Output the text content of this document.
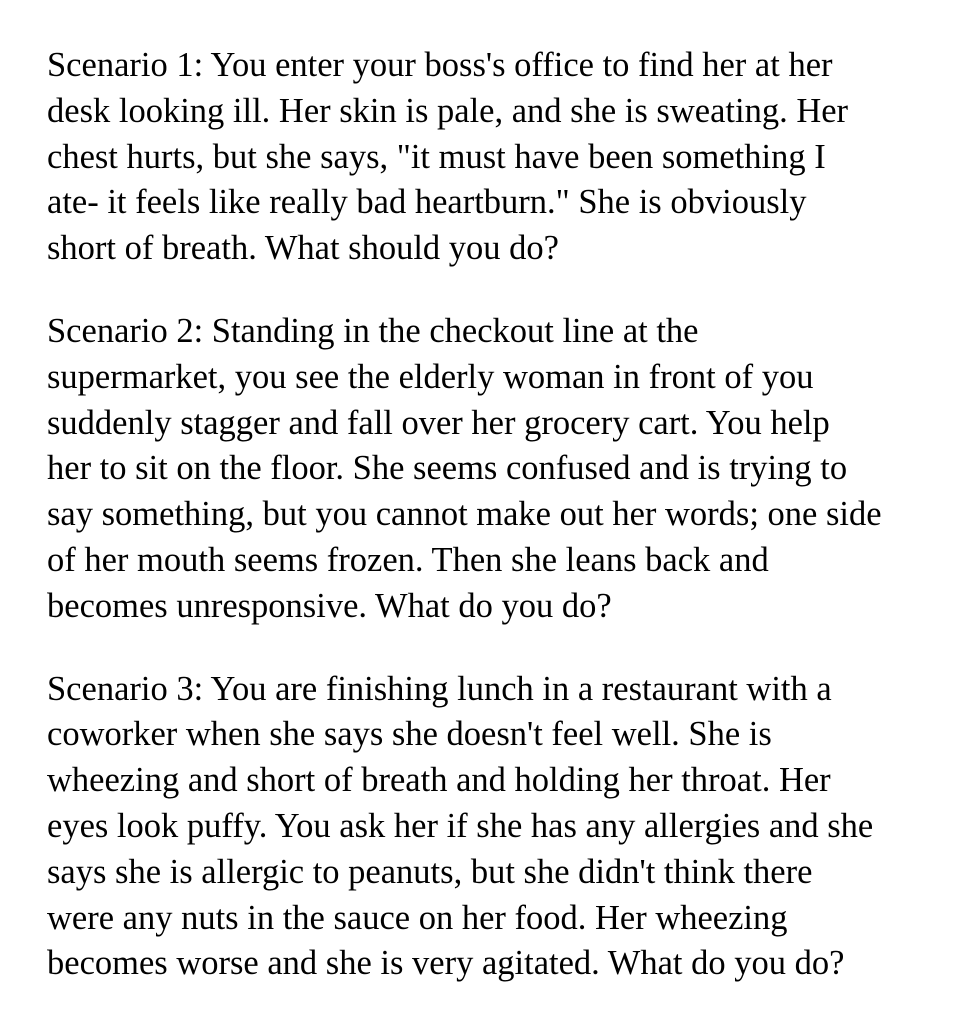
Scenario 1: You enter your boss's office to find her at her
desk looking ill. Her skin is pale, and she is sweating. Her
chest hurts, but she says, "it must have been something I
ate- it feels like really bad heartburn." She is obviously
short of breath. What should you do?

Scenario 2: Standing in the checkout line at the
supermarket, you see the elderly woman in front of you
suddenly stagger and fall over her grocery cart. You help
her to sit on the floor. She seems confused and is trying to
say something, but you cannot make out her words; one side
of her mouth seems frozen. Then she leans back and
becomes unresponsive. What do you do?

Scenario 3: You are finishing lunch in a restaurant with a
coworker when she says she doesn't feel well. She is
wheezing and short of breath and holding her throat. Her
eyes look puffy. You ask her if she has any allergies and she
says she is allergic to peanuts, but she didn't think there
were any nuts in the sauce on her food. Her wheezing
becomes worse and she is very agitated. What do you do?
